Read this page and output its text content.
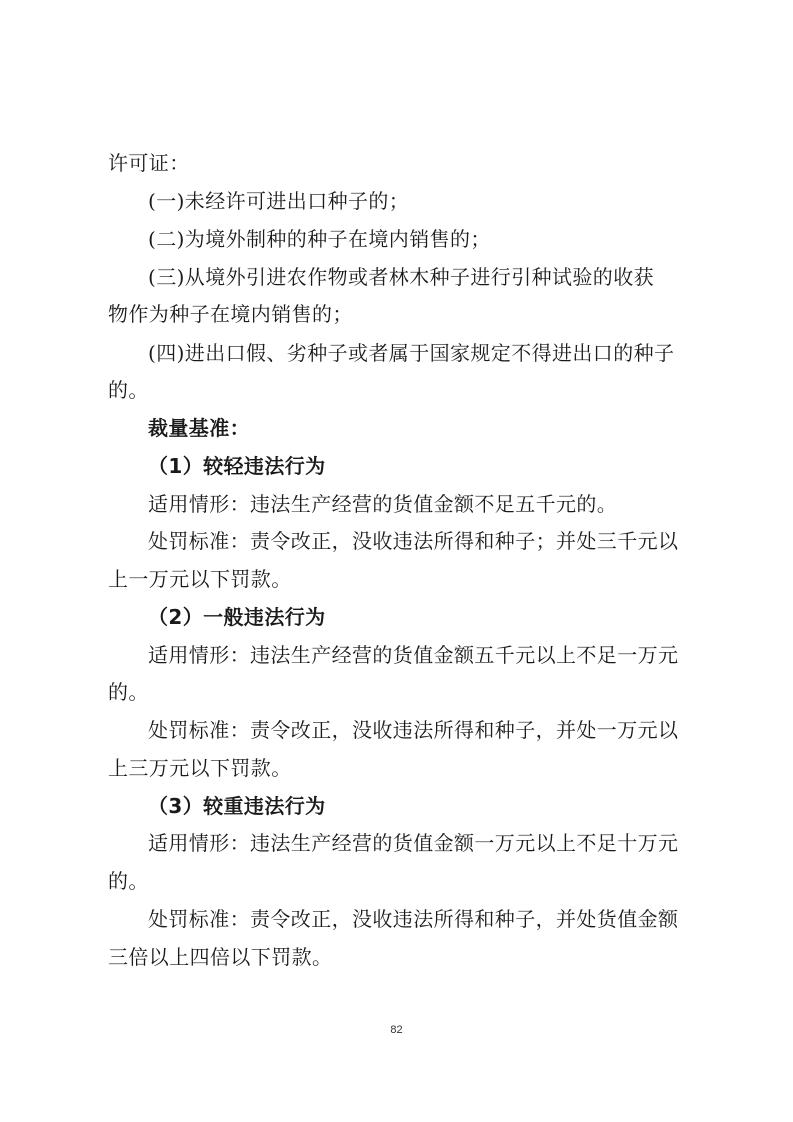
许可证：
(一)未经许可进出口种子的；
(二)为境外制种的种子在境内销售的；
(三)从境外引进农作物或者林木种子进行引种试验的收获
物作为种子在境内销售的；
(四)进出口假、劣种子或者属于国家规定不得进出口的种子
的。
裁量基准：
（1）较轻违法行为
适用情形：违法生产经营的货值金额不足五千元的。
处罚标准：责令改正，没收违法所得和种子；并处三千元以
上一万元以下罚款。
（2）一般违法行为
适用情形：违法生产经营的货值金额五千元以上不足一万元
的。
处罚标准：责令改正，没收违法所得和种子，并处一万元以
上三万元以下罚款。
（3）较重违法行为
适用情形：违法生产经营的货值金额一万元以上不足十万元
的。
处罚标准：责令改正，没收违法所得和种子，并处货值金额
三倍以上四倍以下罚款。
82
